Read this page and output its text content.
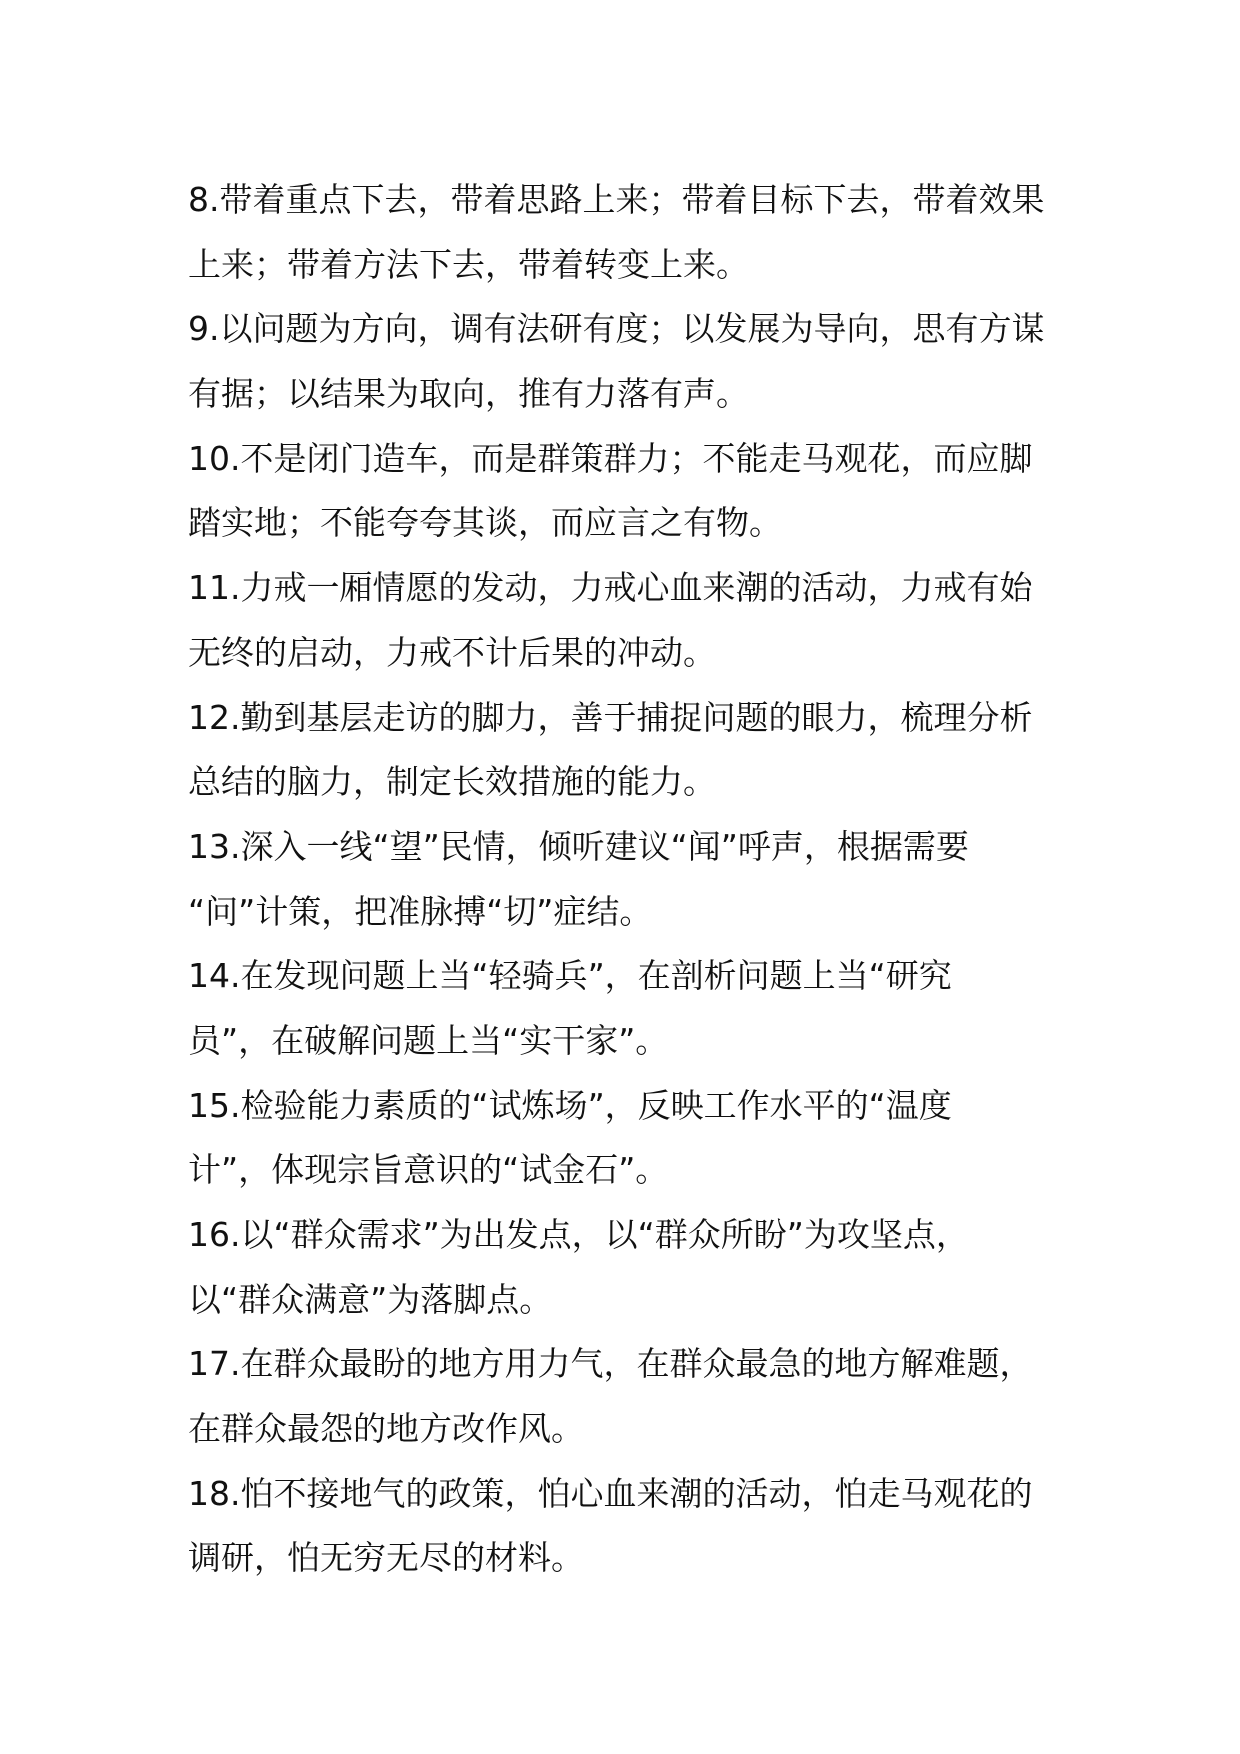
8.带着重点下去，带着思路上来；带着目标下去，带着效果
上来；带着方法下去，带着转变上来。
9.以问题为方向，调有法研有度；以发展为导向，思有方谋
有据；以结果为取向，推有力落有声。
10.不是闭门造车，而是群策群力；不能走马观花，而应脚
踏实地；不能夸夸其谈，而应言之有物。
11.力戒一厢情愿的发动，力戒心血来潮的活动，力戒有始
无终的启动，力戒不计后果的冲动。
12.勤到基层走访的脚力，善于捕捉问题的眼力，梳理分析
总结的脑力，制定长效措施的能力。
13.深入一线“望”民情，倾听建议“闻”呼声，根据需要
“问”计策，把准脉搏“切”症结。
14.在发现问题上当“轻骑兵”，在剖析问题上当“研究
员”，在破解问题上当“实干家”。
15.检验能力素质的“试炼场”，反映工作水平的“温度
计”，体现宗旨意识的“试金石”。
16.以“群众需求”为出发点，以“群众所盼”为攻坚点，
以“群众满意”为落脚点。
17.在群众最盼的地方用力气，在群众最急的地方解难题，
在群众最怨的地方改作风。
18.怕不接地气的政策，怕心血来潮的活动，怕走马观花的
调研，怕无穷无尽的材料。
